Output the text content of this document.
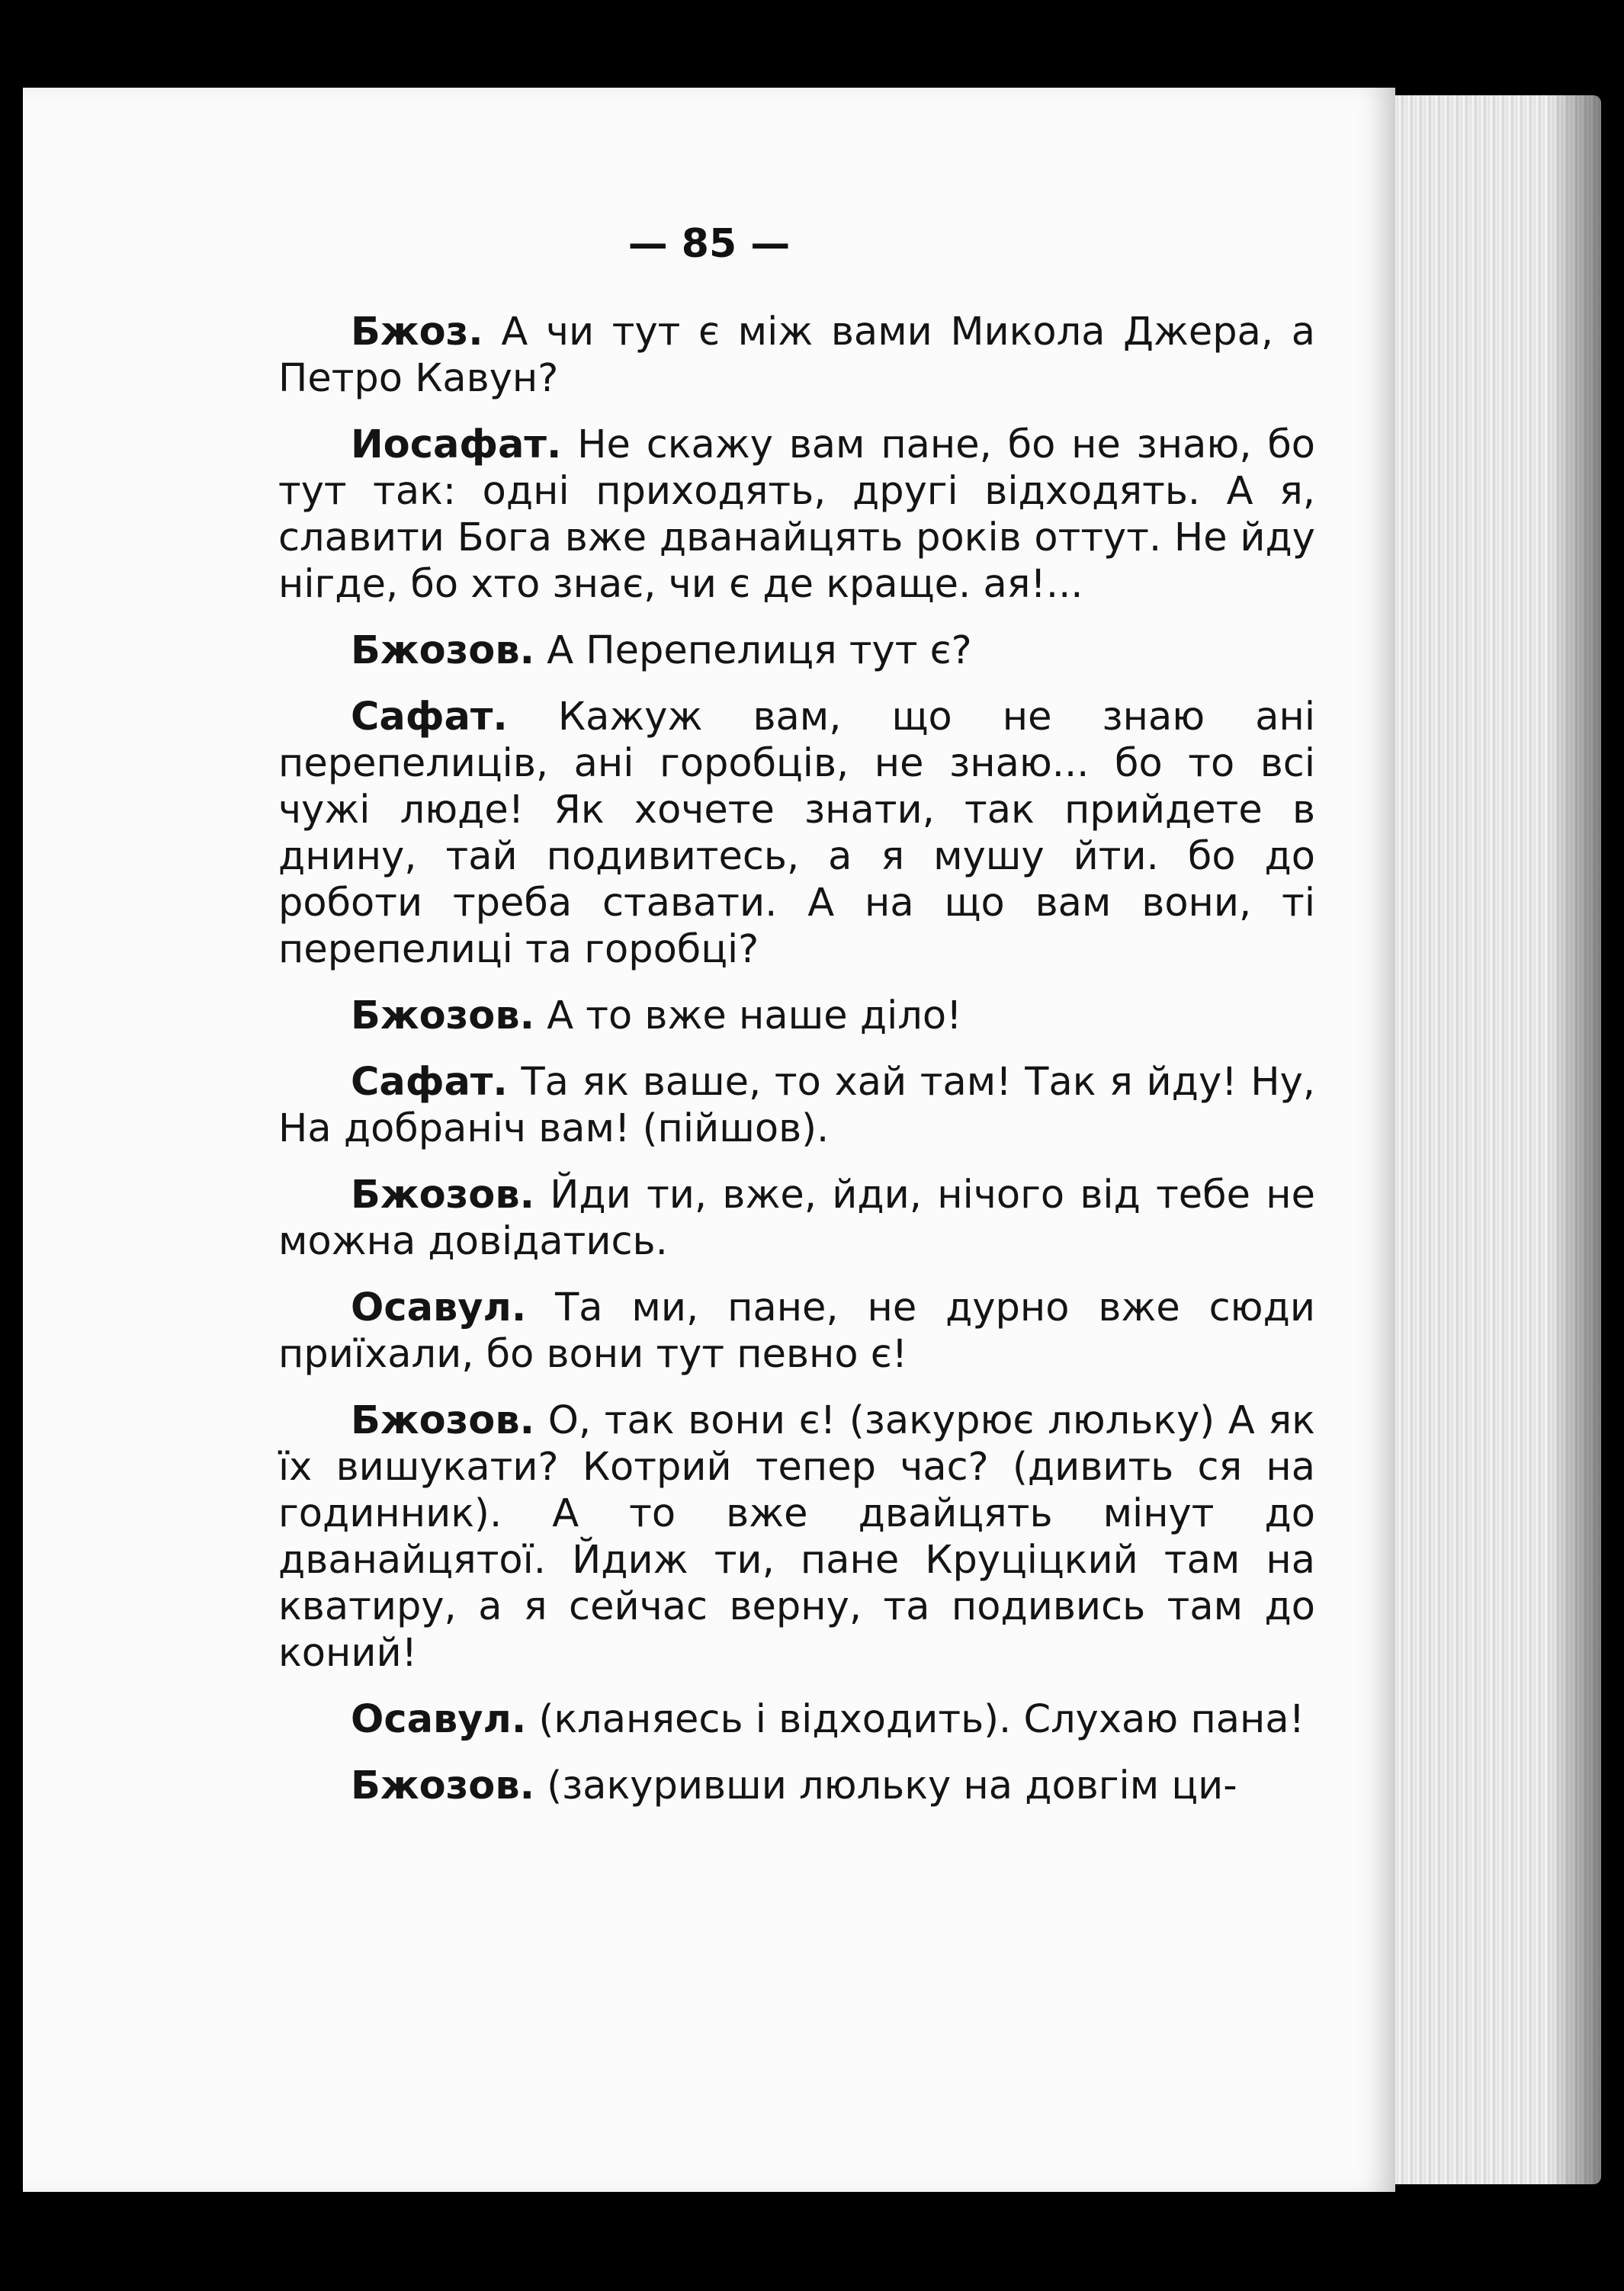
— 85 —

Бжоз. А чи тут є між вами Микола Джера, а Петро Кавун?

Иосафат. Не скажу вам пане, бо не знаю, бо тут так: одні приходять, другі відходять. А я, славити Бога вже дванайцять років оттут. Не йду нігде, бо хто знає, чи є де краще. ая!...

Бжозов. А Перепелиця тут є?

Сафат. Кажуж вам, що не знаю ані перепелиців, ані горобців, не знаю... бо то всі чужі люде! Як хочете знати, так прийдете в днину, тай подивитесь, а я мушу йти. бо до роботи треба ставати. А на що вам вони, ті перепелиці та горобці?

Бжозов. А то вже наше діло!

Сафат. Та як ваше, то хай там! Так я йду! Ну, На добраніч вам! (пійшов).

Бжозов. Йди ти, вже, йди, нічого від тебе не можна довідатись.

Осавул. Та ми, пане, не дурно вже сюди приїхали, бо вони тут певно є!

Бжозов. О, так вони є! (закурює люльку) А як їх вишукати? Котрий тепер час? (дивить ся на годинник). А то вже двайцять мінут до дванайцятої. Йдиж ти, пане Круціцкий там на кватиру, а я сейчас верну, та подивись там до коний!

Осавул. (кланяесь і відходить). Слухаю пана!

Бжозов. (закуривши люльку на довгім ци-
